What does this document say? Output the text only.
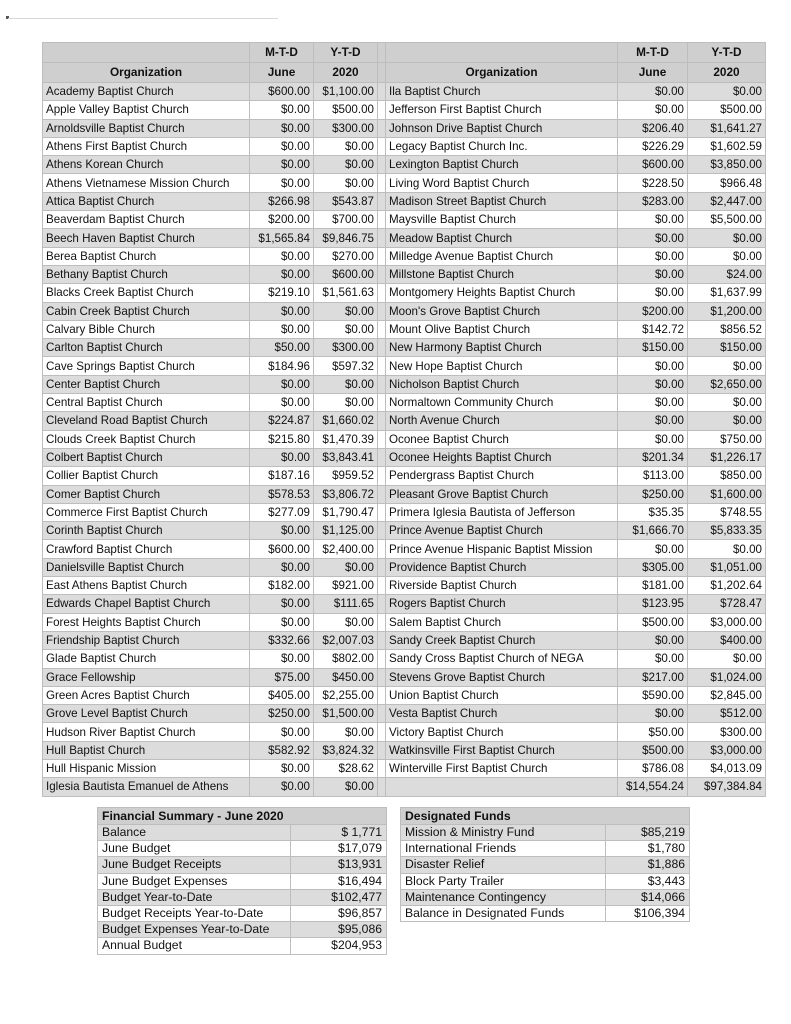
	M-T-D	Y-T-D			M-T-D	Y-T-D
Organization	June	2020		Organization	June	2020
Academy Baptist Church	$600.00	$1,100.00		Ila Baptist Church	$0.00	$0.00
Apple Valley Baptist Church	$0.00	$500.00		Jefferson First Baptist Church	$0.00	$500.00
Arnoldsville Baptist Church	$0.00	$300.00		Johnson Drive Baptist Church	$206.40	$1,641.27
Athens First Baptist Church	$0.00	$0.00		Legacy Baptist Church Inc.	$226.29	$1,602.59
Athens Korean Church	$0.00	$0.00		Lexington Baptist Church	$600.00	$3,850.00
Athens Vietnamese Mission Church	$0.00	$0.00		Living Word Baptist Church	$228.50	$966.48
Attica Baptist Church	$266.98	$543.87		Madison Street Baptist Church	$283.00	$2,447.00
Beaverdam Baptist Church	$200.00	$700.00		Maysville Baptist Church	$0.00	$5,500.00
Beech Haven Baptist Church	$1,565.84	$9,846.75		Meadow Baptist Church	$0.00	$0.00
Berea Baptist Church	$0.00	$270.00		Milledge Avenue Baptist Church	$0.00	$0.00
Bethany Baptist Church	$0.00	$600.00		Millstone Baptist Church	$0.00	$24.00
Blacks Creek Baptist Church	$219.10	$1,561.63		Montgomery Heights Baptist Church	$0.00	$1,637.99
Cabin Creek Baptist Church	$0.00	$0.00		Moon's Grove Baptist Church	$200.00	$1,200.00
Calvary Bible Church	$0.00	$0.00		Mount Olive Baptist Church	$142.72	$856.52
Carlton Baptist Church	$50.00	$300.00		New Harmony Baptist Church	$150.00	$150.00
Cave Springs Baptist Church	$184.96	$597.32		New Hope Baptist Church	$0.00	$0.00
Center Baptist Church	$0.00	$0.00		Nicholson Baptist Church	$0.00	$2,650.00
Central Baptist Church	$0.00	$0.00		Normaltown Community Church	$0.00	$0.00
Cleveland Road Baptist Church	$224.87	$1,660.02		North Avenue Church	$0.00	$0.00
Clouds Creek Baptist Church	$215.80	$1,470.39		Oconee Baptist Church	$0.00	$750.00
Colbert Baptist Church	$0.00	$3,843.41		Oconee Heights Baptist Church	$201.34	$1,226.17
Collier Baptist Church	$187.16	$959.52		Pendergrass Baptist Church	$113.00	$850.00
Comer Baptist Church	$578.53	$3,806.72		Pleasant Grove Baptist Church	$250.00	$1,600.00
Commerce First Baptist Church	$277.09	$1,790.47		Primera Iglesia Bautista of Jefferson	$35.35	$748.55
Corinth Baptist Church	$0.00	$1,125.00		Prince Avenue Baptist Church	$1,666.70	$5,833.35
Crawford Baptist Church	$600.00	$2,400.00		Prince Avenue Hispanic Baptist Mission	$0.00	$0.00
Danielsville Baptist Church	$0.00	$0.00		Providence Baptist Church	$305.00	$1,051.00
East Athens Baptist Church	$182.00	$921.00		Riverside Baptist Church	$181.00	$1,202.64
Edwards Chapel Baptist Church	$0.00	$111.65		Rogers Baptist Church	$123.95	$728.47
Forest Heights Baptist Church	$0.00	$0.00		Salem Baptist Church	$500.00	$3,000.00
Friendship Baptist Church	$332.66	$2,007.03		Sandy Creek Baptist Church	$0.00	$400.00
Glade Baptist Church	$0.00	$802.00		Sandy Cross Baptist Church of NEGA	$0.00	$0.00
Grace Fellowship	$75.00	$450.00		Stevens Grove Baptist Church	$217.00	$1,024.00
Green Acres Baptist Church	$405.00	$2,255.00		Union Baptist Church	$590.00	$2,845.00
Grove Level Baptist Church	$250.00	$1,500.00		Vesta Baptist Church	$0.00	$512.00
Hudson River Baptist Church	$0.00	$0.00		Victory Baptist Church	$50.00	$300.00
Hull Baptist Church	$582.92	$3,824.32		Watkinsville First Baptist Church	$500.00	$3,000.00
Hull Hispanic Mission	$0.00	$28.62		Winterville First Baptist Church	$786.08	$4,013.09
Iglesia Bautista Emanuel de Athens	$0.00	$0.00			$14,554.24	$97,384.84
Financial Summary - June 2020	
Balance	$ 1,771
June Budget	$17,079
June Budget Receipts	$13,931
June Budget Expenses	$16,494
Budget Year-to-Date	$102,477
Budget Receipts Year-to-Date	$96,857
Budget Expenses Year-to-Date	$95,086
Annual Budget	$204,953
Designated Funds	
Mission & Ministry Fund	$85,219
International Friends	$1,780
Disaster Relief	$1,886
Block Party Trailer	$3,443
Maintenance Contingency	$14,066
Balance in Designated Funds	$106,394
